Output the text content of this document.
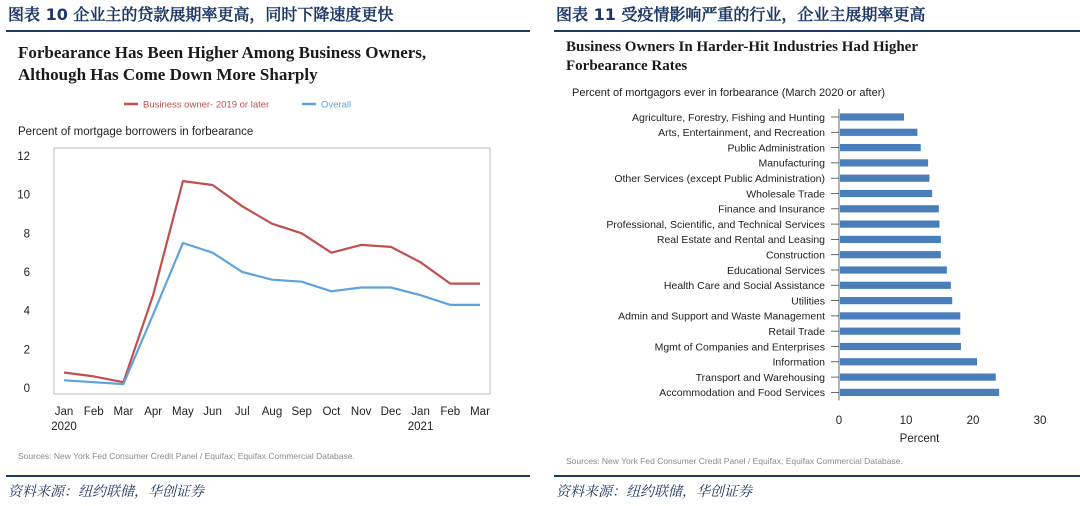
图表 10 企业主的贷款展期率更高，同时下降速度更快
Forbearance Has Been Higher Among Business Owners,
Although Has Come Down More Sharply
Business owner- 2019 or later	Overall
Percent of mortgage borrowers in forbearance
0
2
4
6
8
10
12
Jan Feb Mar Apr May Jun Jul Aug Sep Oct Nov Dec Jan Feb Mar
2020	2021
Sources: New York Fed Consumer Credit Panel / Equifax; Equifax Commercial Database.
资料来源：纽约联储，华创证券
图表 11 受疫情影响严重的行业，企业主展期率更高
Business Owners In Harder-Hit Industries Had Higher
Forbearance Rates
Percent of mortgagors ever in forbearance (March 2020 or after)
Agriculture, Forestry, Fishing and Hunting
Arts, Entertainment, and Recreation
Public Administration
Manufacturing
Other Services (except Public Administration)
Wholesale Trade
Finance and Insurance
Professional, Scientific, and Technical Services
Real Estate and Rental and Leasing
Construction
Educational Services
Health Care and Social Assistance
Utilities
Admin and Support and Waste Management
Retail Trade
Mgmt of Companies and Enterprises
Information
Transport and Warehousing
Accommodation and Food Services
0	10	20	30
Percent
Sources: New York Fed Consumer Credit Panel / Equifax; Equifax Commercial Database.
资料来源：纽约联储，华创证券
